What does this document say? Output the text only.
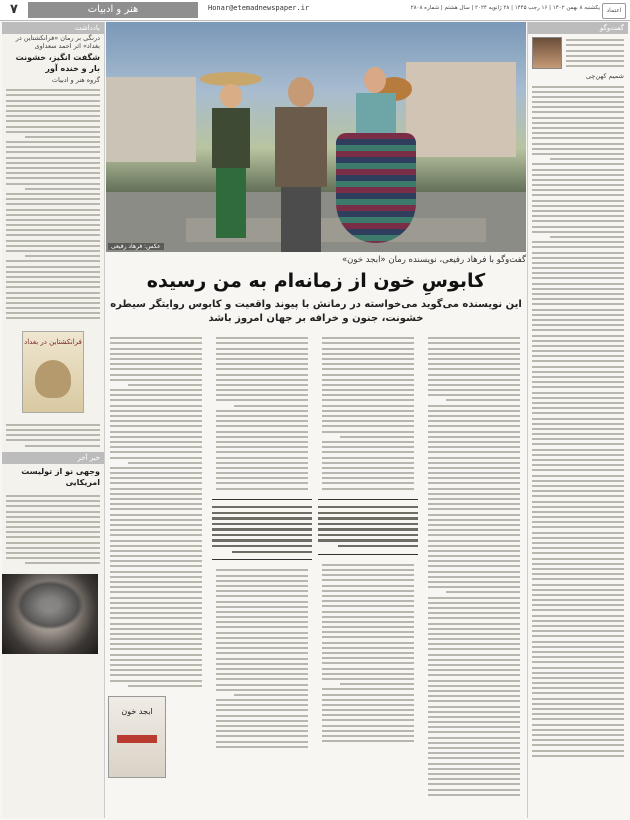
۷	هنر و ادبیات	Honar@etemadnewspaper.ir	یکشنبه ۸ بهمن ۱۴۰۲ | ۱۶ رجب ۱۴۴۵ | ۲۸ ژانویه ۲۰۲۴ | سال هشتم | شماره ۲۸۰۸	اعتماد
یادداشت
درنگی بر رمان «فرانکشتاین در بغداد» اثر احمد سعداوی
شگفت انگیز، خشونت بار و خنده آور
گروه هنر و ادبیات
فرانکشتاین در بغداد
خبر آخر
وجهی نو از تولیست امریکایی
گفت‌وگو
شمیم کهن‌چی
عکس: فرهاد رفیعی
گفت‌وگو با فرهاد رفیعی، نویسنده رمان «ابجد خون»
کابوسِ خون از زمانه‌ام به من رسیده
این نویسنده می‌گوید می‌خواسته در رمانش با پیوند واقعیت و کابوس روایتگر سیطره خشونت، جنون و خرافه بر جهان امروز باشد
ابجد خون
